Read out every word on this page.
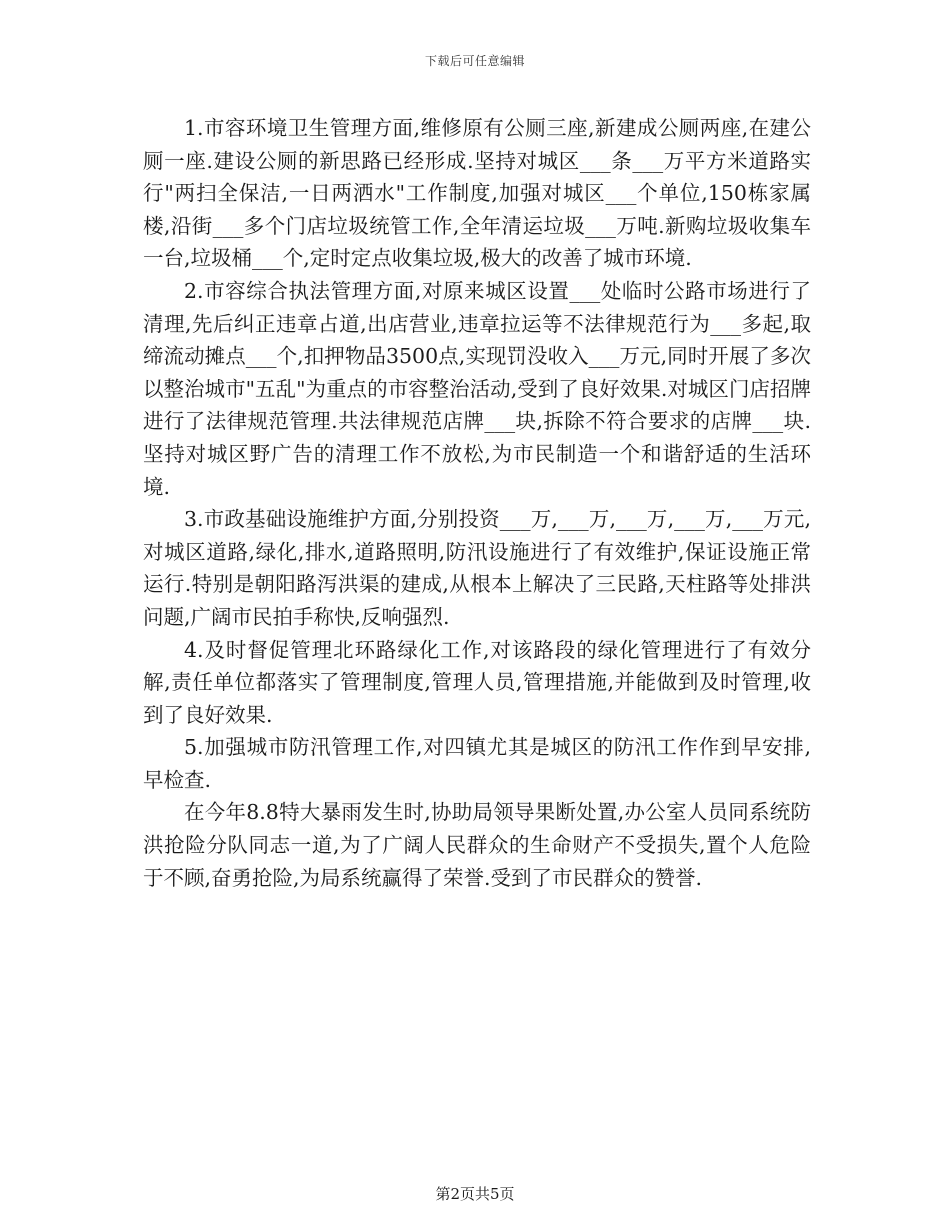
下载后可任意编辑

1.市容环境卫生管理方面,维修原有公厕三座,新建成公厕两座,在建公厕一座.建设公厕的新思路已经形成.坚持对城区___条___万平方米道路实行"两扫全保洁,一日两洒水"工作制度,加强对城区___个单位,150栋家属楼,沿街___多个门店垃圾统管工作,全年清运垃圾___万吨.新购垃圾收集车一台,垃圾桶___个,定时定点收集垃圾,极大的改善了城市环境.

2.市容综合执法管理方面,对原来城区设置___处临时公路市场进行了清理,先后纠正违章占道,出店营业,违章拉运等不法律规范行为___多起,取缔流动摊点___个,扣押物品3500点,实现罚没收入___万元,同时开展了多次以整治城市"五乱"为重点的市容整治活动,受到了良好效果.对城区门店招牌进行了法律规范管理.共法律规范店牌___块,拆除不符合要求的店牌___块.坚持对城区野广告的清理工作不放松,为市民制造一个和谐舒适的生活环境.

3.市政基础设施维护方面,分别投资___万,___万,___万,___万,___万元,对城区道路,绿化,排水,道路照明,防汛设施进行了有效维护,保证设施正常运行.特别是朝阳路泻洪渠的建成,从根本上解决了三民路,天柱路等处排洪问题,广阔市民拍手称快,反响强烈.

4.及时督促管理北环路绿化工作,对该路段的绿化管理进行了有效分解,责任单位都落实了管理制度,管理人员,管理措施,并能做到及时管理,收到了良好效果.

5.加强城市防汛管理工作,对四镇尤其是城区的防汛工作作到早安排,早检查.

在今年8.8特大暴雨发生时,协助局领导果断处置,办公室人员同系统防洪抢险分队同志一道,为了广阔人民群众的生命财产不受损失,置个人危险于不顾,奋勇抢险,为局系统赢得了荣誉.受到了市民群众的赞誉.

第2页共5页
